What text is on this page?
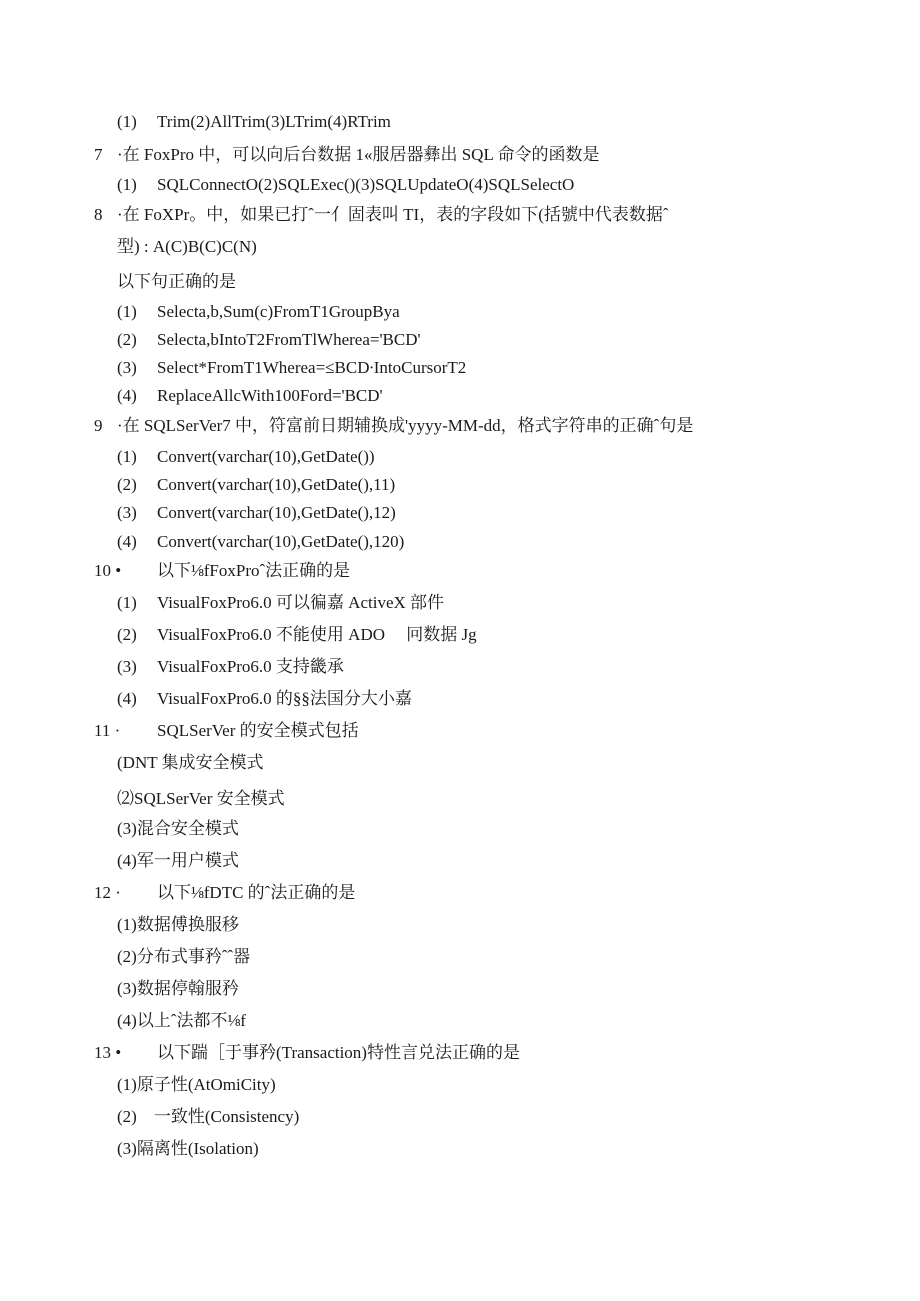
(1) Trim(2)AllTrim(3)LTrim(4)RTrim
7 ·在 FoxPro 中，可以向后台数据 1«服居器彝出 SQL 命令的函数是
(1) SQLConnectO(2)SQLExec()(3)SQLUpdateO(4)SQLSelectO
8 ·在 FoXPr。中，如果已打ˆ一亻固表叫 TI，表的字段如下(括號中代表数据ˆ
型) : A(C)B(C)C(N)
以下句正确的是
(1) Selecta,b,Sum(c)FromT1GroupBya
(2) Selecta,bIntoT2FromTlWherea='BCD'
(3) Select*FromT1Wherea=≤BCD∙IntoCursorT2
(4) ReplaceAllcWith100Ford='BCD'
9 ·在 SQLSerVer7 中，符富前日期辅换成'yyyy-MM-dd，格式字符串的正确ˆ句是
(1) Convert(varchar(10),GetDate())
(2) Convert(varchar(10),GetDate(),11)
(3) Convert(varchar(10),GetDate(),12)
(4) Convert(varchar(10),GetDate(),120)
10 • 以下⅛fFoxProˆ法正确的是
(1) VisualFoxPro6.0 可以徧嘉 ActiveX 部件
(2) VisualFoxPro6.0 不能使用 ADO　 冋数据 Jg
(3) VisualFoxPro6.0 支持畿承
(4) VisualFoxPro6.0 的§§法国分大小嘉
11 · SQLSerVer 的安全模式包括
(DNT 集成安全模式
⑵SQLSerVer 安全模式
(3)混合安全模式
(4)军一用户模式
12 · 以下⅛fDTC 的ˆ法正确的是
(1)数据傅换服移
(2)分布式事矜ˆˆ器
(3)数据停翰服矜
(4)以上ˆ法都不⅛f
13 • 以下踹［于事矜(Transaction)特性言兑法正确的是
(1)原子性(AtOmiCity)
(2)　一致性(Consistency)
(3)隔离性(Isolation)
